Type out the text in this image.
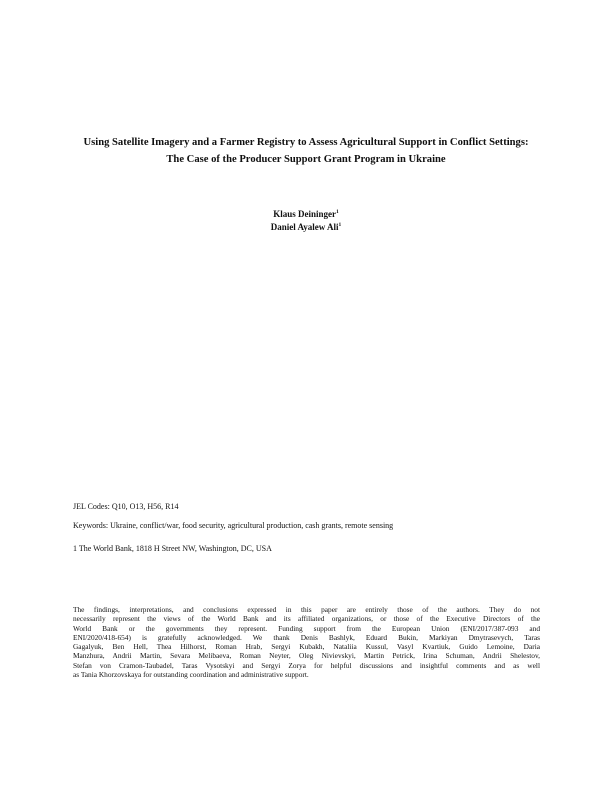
Using Satellite Imagery and a Farmer Registry to Assess Agricultural Support in Conflict Settings:
The Case of the Producer Support Grant Program in Ukraine
Klaus Deininger$^1$
Daniel Ayalew Ali$^1$
JEL Codes: Q10, O13, H56, R14
Keywords: Ukraine, conflict/war, food security, agricultural production, cash grants, remote sensing
1 The World Bank, 1818 H Street NW, Washington, DC, USA
The findings, interpretations, and conclusions expressed in this paper are entirely those of the authors. They do not
necessarily represent the views of the World Bank and its affiliated organizations, or those of the Executive Directors of the
World Bank or the governments they represent. Funding support from the European Union (ENI/2017/387-093 and
ENI/2020/418-654) is gratefully acknowledged. We thank Denis Bashlyk, Eduard Bukin, Markiyan Dmytrasevych, Taras
Gagalyuk, Ben Hell, Thea Hilhorst, Roman Hrab, Sergyi Kubakh, Nataliia Kussul, Vasyl Kvartiuk, Guido Lemoine, Daria
Manzhura, Andrii Martin, Sevara Melibaeva, Roman Neyter, Oleg Nivievskyi, Martin Petrick, Irina Schuman, Andrii Shelestov,
Stefan von Cramon-Taubadel, Taras Vysotskyi and Sergyi Zorya for helpful discussions and insightful comments and as well
as Tania Khorzovskaya for outstanding coordination and administrative support.
